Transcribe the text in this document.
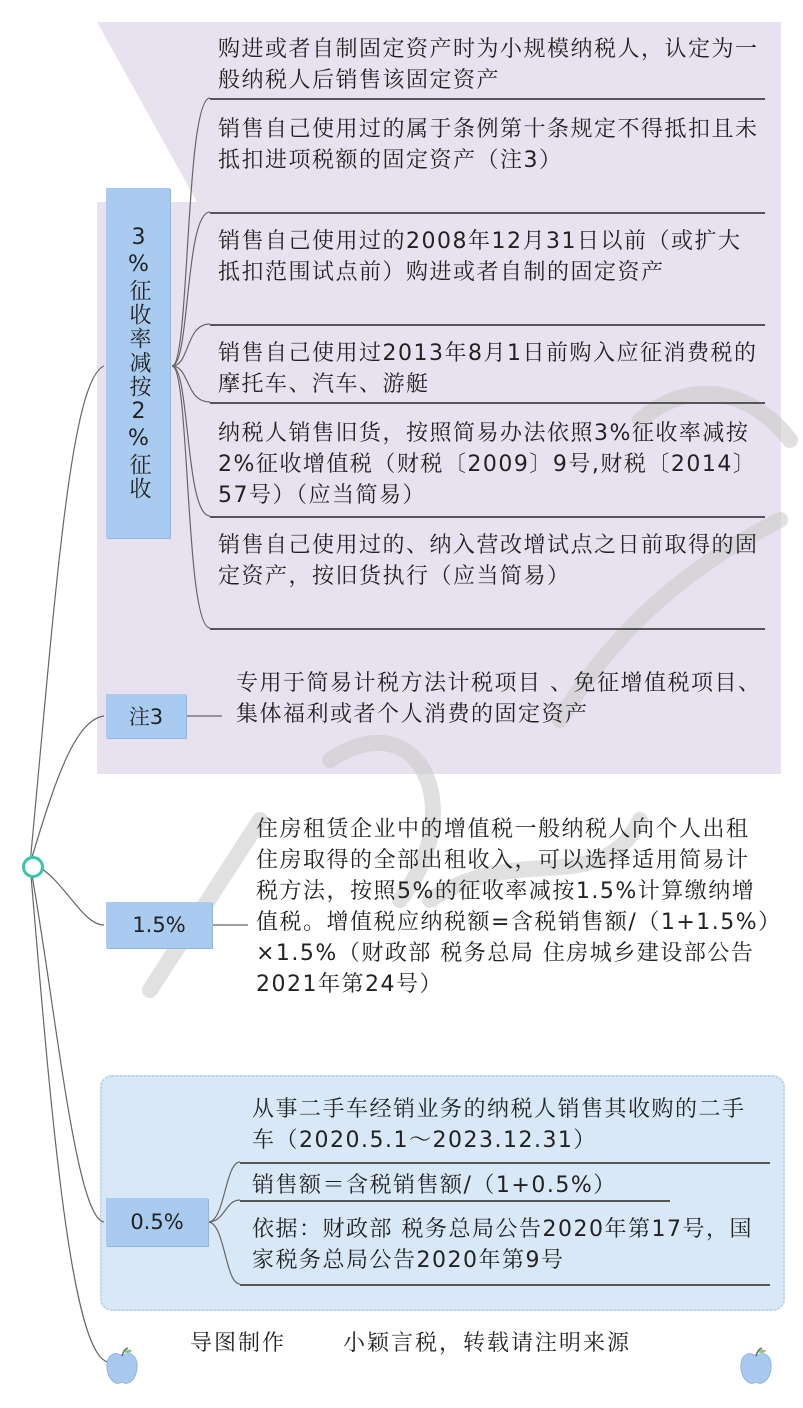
3%征收率减按2%征收
购进或者自制固定资产时为小规模纳税人，认定为一般纳税人后销售该固定资产
销售自己使用过的属于条例第十条规定不得抵扣且未抵扣进项税额的固定资产（注3）
销售自己使用过的2008年12月31日以前（或扩大抵扣范围试点前）购进或者自制的固定资产
销售自己使用过2013年8月1日前购入应征消费税的摩托车、汽车、游艇
纳税人销售旧货，按照简易办法依照3%征收率减按2%征收增值税（财税〔2009〕9号,财税〔2014〕57号）（应当简易）
销售自己使用过的、纳入营改增试点之日前取得的固定资产，按旧货执行（应当简易）
注3
专用于简易计税方法计税项目 、免征增值税项目、集体福利或者个人消费的固定资产
1.5%
住房租赁企业中的增值税一般纳税人向个人出租住房取得的全部出租收入，可以选择适用简易计税方法，按照5%的征收率减按1.5%计算缴纳增值税。增值税应纳税额=含税销售额/（1+1.5%）×1.5%（财政部 税务总局 住房城乡建设部公告2021年第24号）
0.5%
从事二手车经销业务的纳税人销售其收购的二手车（2020.5.1～2023.12.31）
销售额＝含税销售额/（1+0.5%）
依据：财政部 税务总局公告2020年第17号，国家税务总局公告2020年第9号
导图制作	小颖言税，转载请注明来源
